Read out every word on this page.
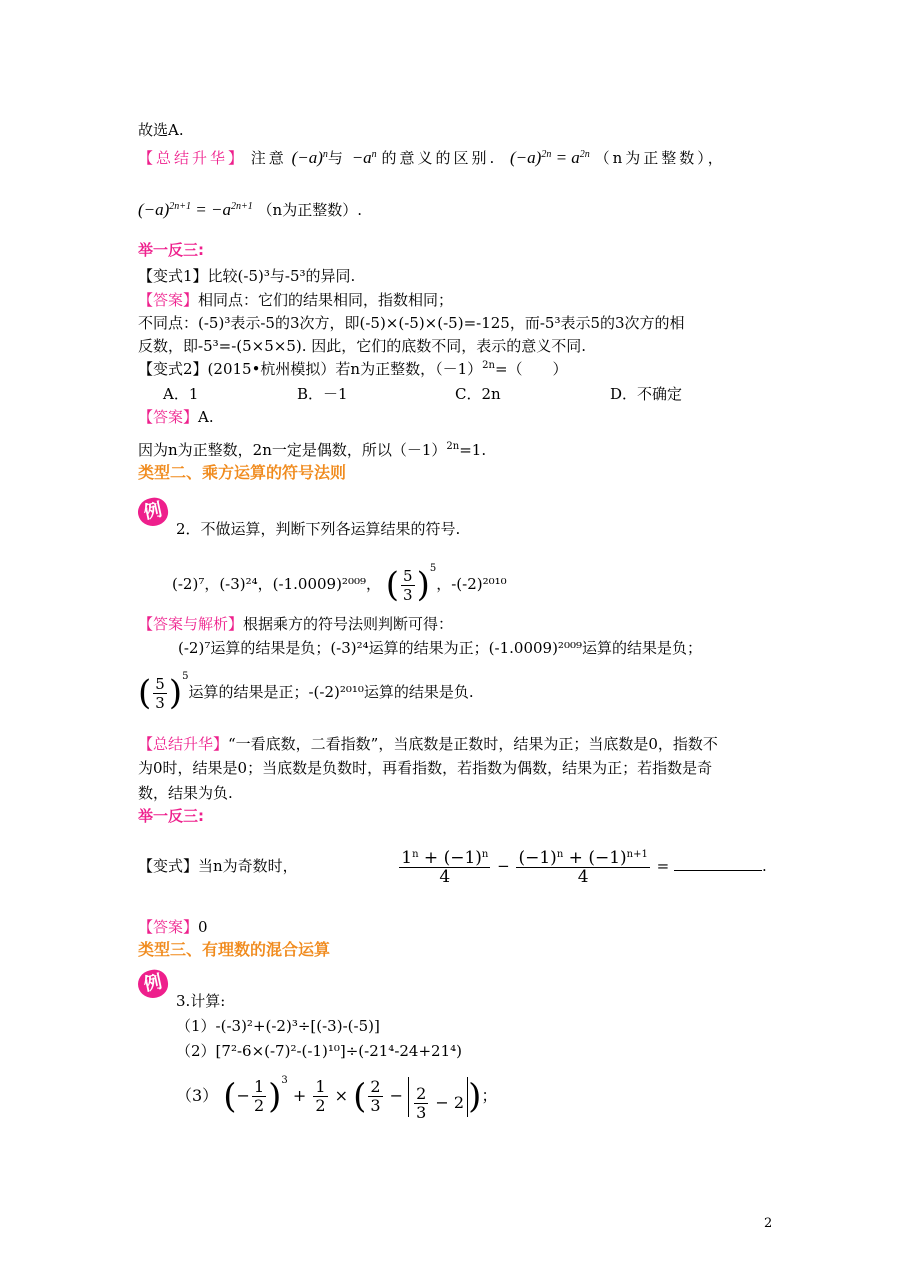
故选A.
【总结升华】 注意 $(-a)^n$与 $-a^n$ 的意义的区别. $(-a)^{2n} = a^{2n}$ （n为正整数），
$(-a)^{2n+1} = -a^{2n+1}$ （n为正整数）.
举一反三:
【变式1】比较(-5)³与-5³的异同.
【答案】相同点：它们的结果相同，指数相同；
不同点：(-5)³表示-5的3次方，即(-5)×(-5)×(-5)=-125，而-5³表示5的3次方的相
反数，即-5³=-(5×5×5). 因此，它们的底数不同，表示的意义不同.
【变式2】(2015•杭州模拟）若n为正整数，$(-1)^{2n}=$（　　）
A．1	B．－1	C．2n	D．不确定
【答案】A.
因为n为正整数，2n一定是偶数，所以$(-1)^{2n}=1$.
类型二、乘方运算的符号法则
例
2．不做运算，判断下列各运算结果的符号.
(-2)⁷，(-3)²⁴，(-1.0009)²⁰⁰⁹， ( $\frac{5}{3} )^5$，-(-2)²⁰¹⁰
【答案与解析】根据乘方的符号法则判断可得：
(-2)⁷运算的结果是负；(-3)²⁴运算的结果为正；(-1.0009)²⁰⁰⁹运算的结果是负；
( $\frac{5}{3} )^5$运算的结果是正；-(-2)²⁰¹⁰运算的结果是负.
【总结升华】“一看底数，二看指数”，当底数是正数时，结果为正；当底数是0，指数不
为0时，结果是0；当底数是负数时，再看指数，若指数为偶数，结果为正；若指数是奇
数，结果为负.
举一反三:
【变式】当n为奇数时，	$\frac{1^n + (-1)^n}{4} - \frac{(-1)^n + (-1)^{n+1}}{4}$ =	.
【答案】0
类型三、有理数的混合运算
例
3.计算:
（1）-(-3)²+(-2)³÷[(-3)-(-5)]
（2）[7²-6×(-7)²-(-1)¹⁰]÷(-21⁴-24+21⁴)
（3） (− $\frac{1}{2} )^3 + \frac{1}{2}$ × ( $\frac{2}{3} - \frac{2}{3} - 2$ )；
2
